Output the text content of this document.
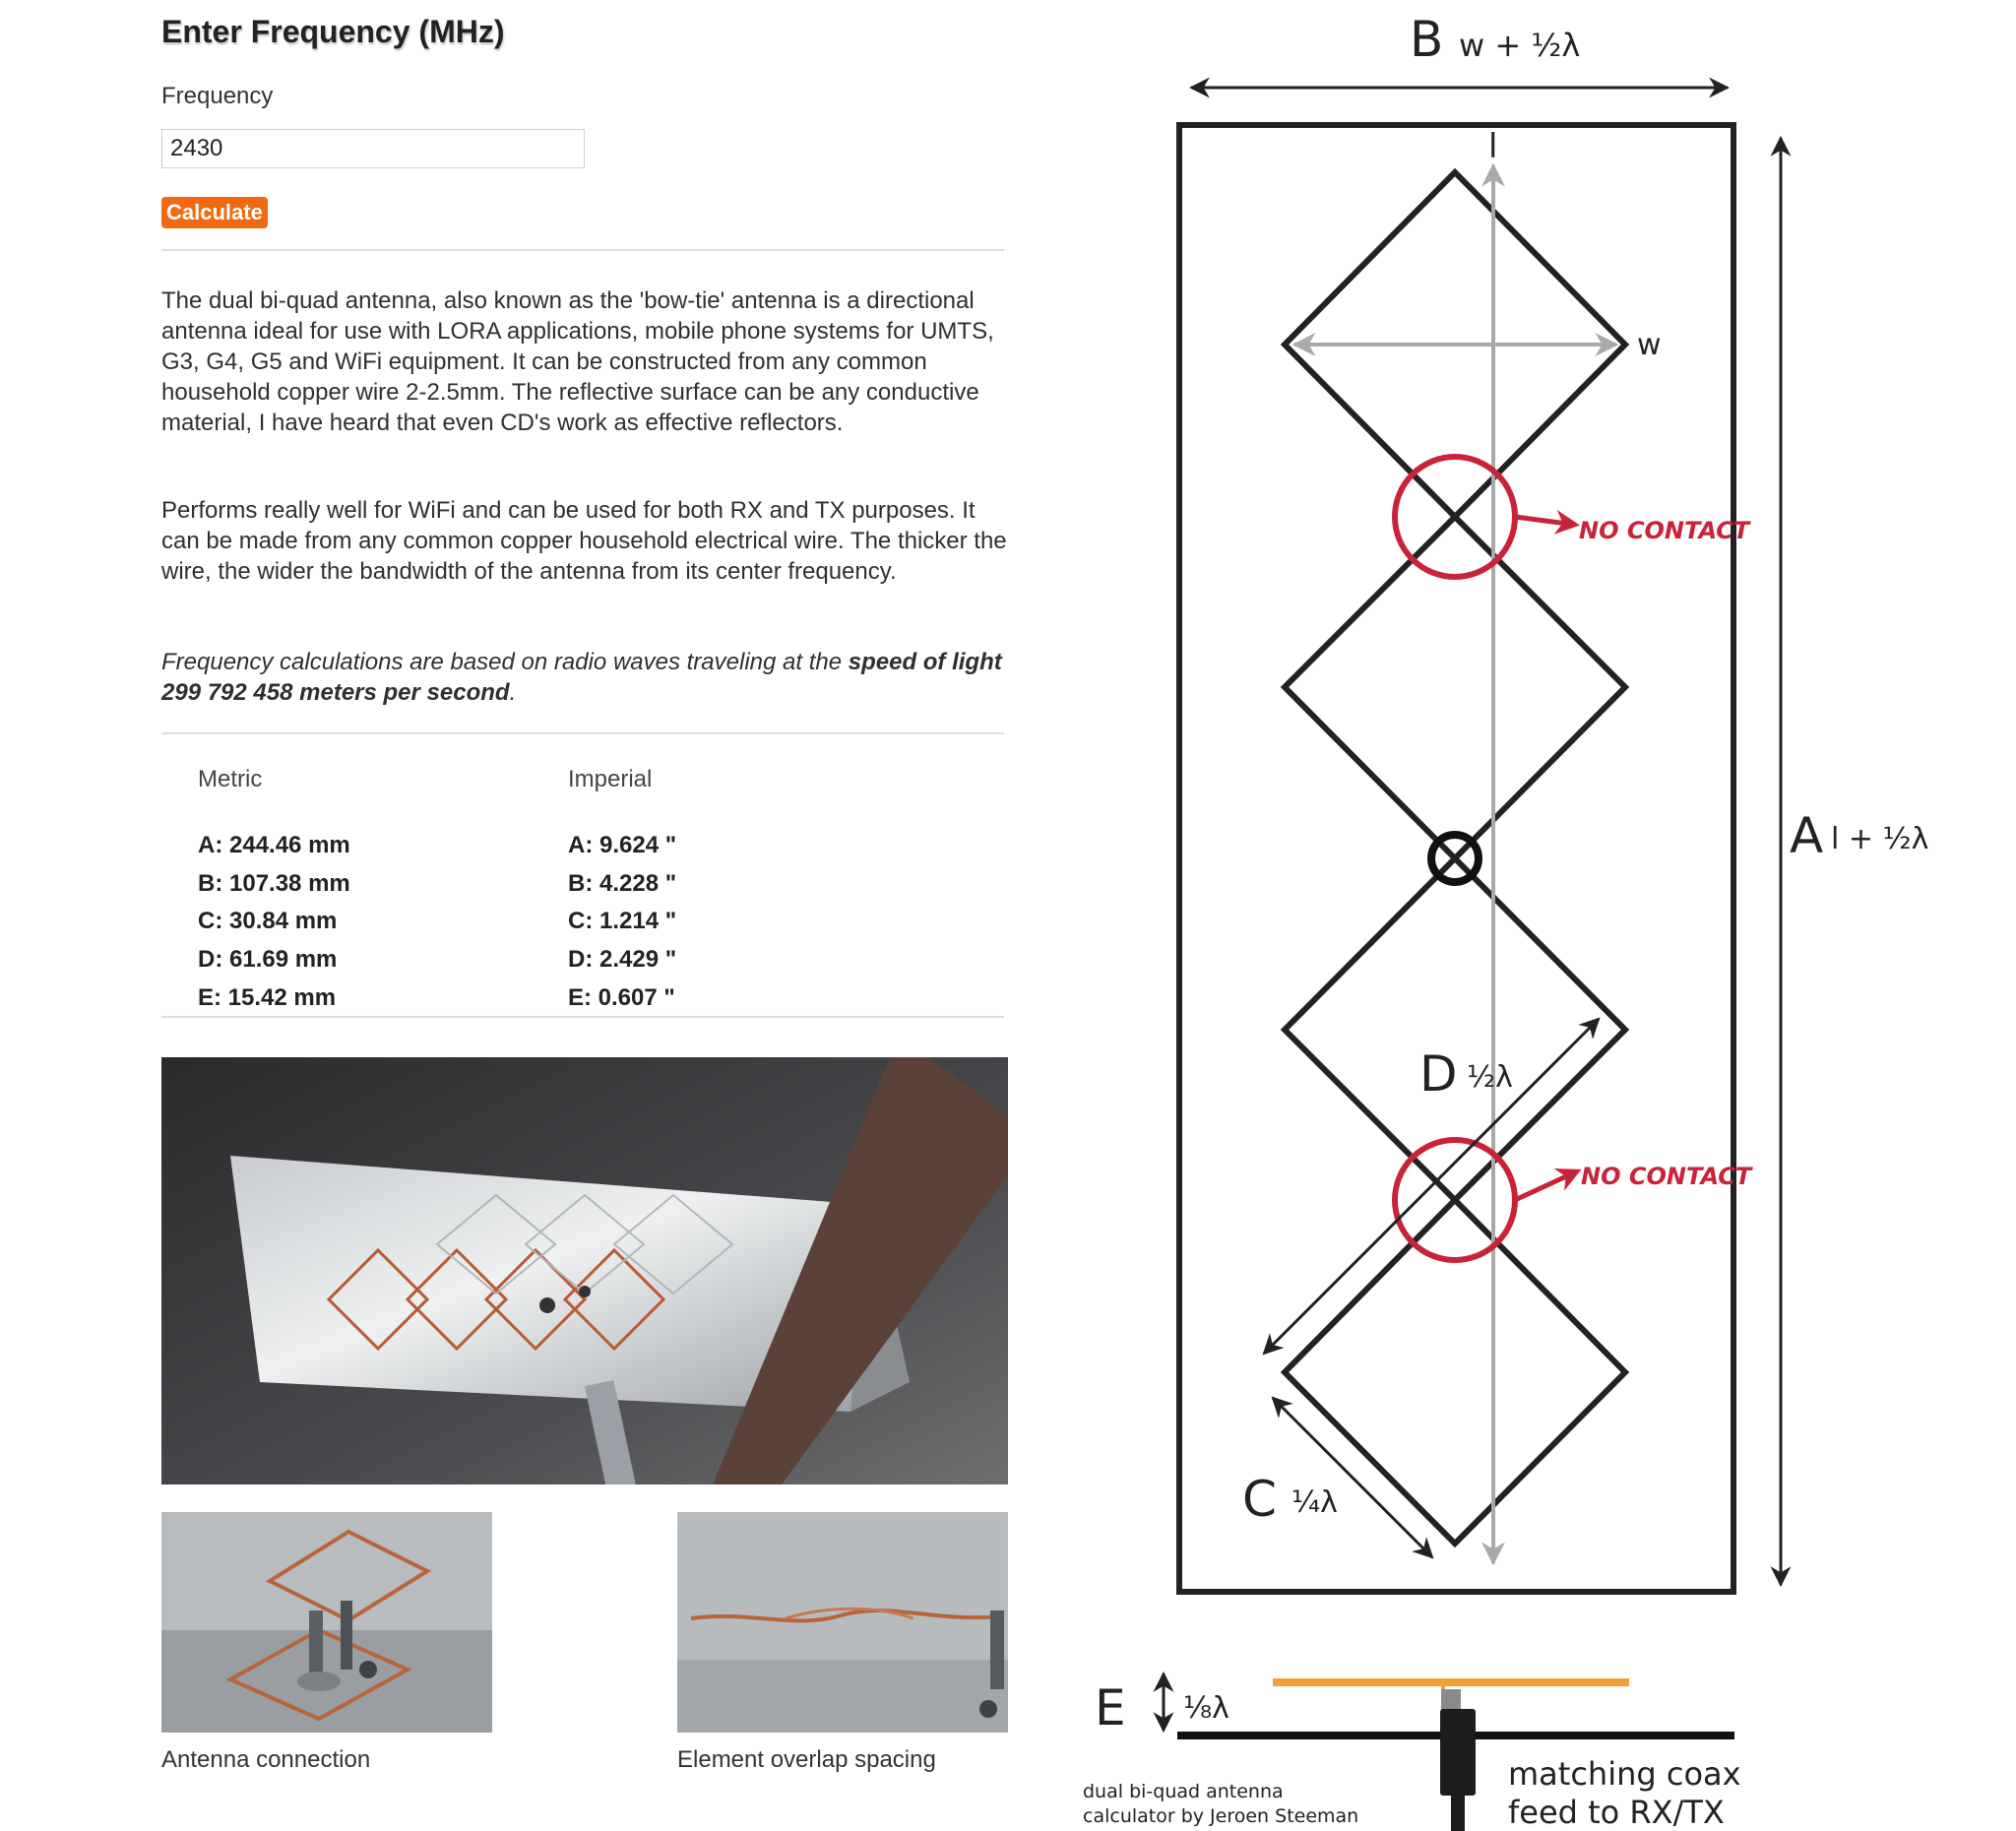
Enter Frequency (MHz)
Frequency
2430
Calculate

The dual bi-quad antenna, also known as the 'bow-tie' antenna is a directional antenna ideal for use with LORA applications, mobile phone systems for UMTS, G3, G4, G5 and WiFi equipment. It can be constructed from any common household copper wire 2-2.5mm. The reflective surface can be any conductive material, I have heard that even CD's work as effective reflectors.

Performs really well for WiFi and can be used for both RX and TX purposes. It can be made from any common copper household electrical wire. The thicker the wire, the wider the bandwidth of the antenna from its center frequency.

Frequency calculations are based on radio waves traveling at the speed of light 299 792 458 meters per second.

Metric	Imperial
A: 244.46 mm
B: 107.38 mm
C: 30.84 mm
D: 61.69 mm
E: 15.42 mm
A: 9.624 "
B: 4.228 "
C: 1.214 "
D: 2.429 "
E: 0.607 "
Antenna connection	Element overlap spacing
B w + ½λ
A l + ½λ
l
w
NO CONTACT
NO CONTACT
D ½λ
C ¼λ
E ⅛λ
dual bi-quad antenna
calculator by Jeroen Steeman
matching coax
feed to RX/TX
